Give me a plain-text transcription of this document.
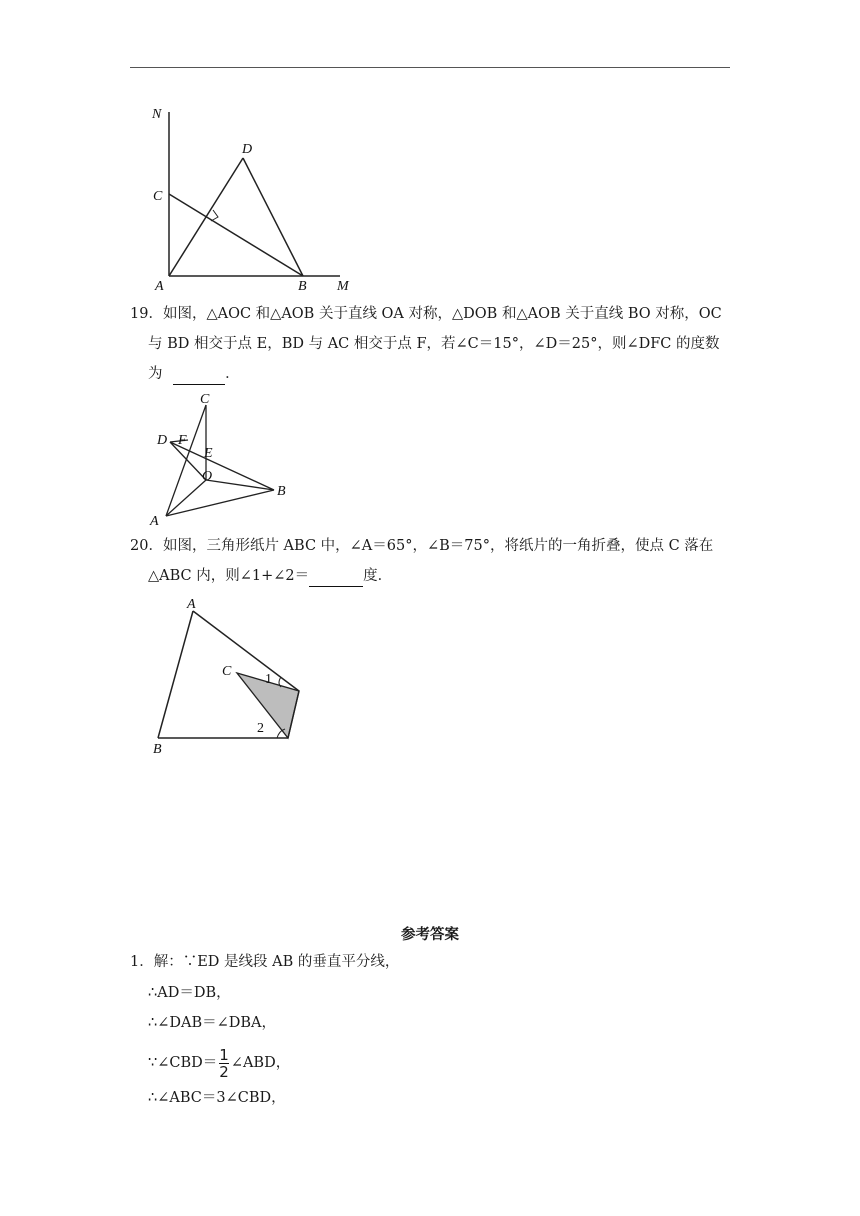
N
D
C
A	B M
19．如图，△AOC 和△AOB 关于直线 OA 对称，△DOB 和△AOB 关于直线 BO 对称，OC
与 BD 相交于点 E，BD 与 AC 相交于点 F，若∠C＝15°，∠D＝25°，则∠DFC 的度数
为	．
C
D F
E
O
B
A
20．如图，三角形纸片 ABC 中，∠A＝65°，∠B＝75°，将纸片的一角折叠，使点 C 落在
△ABC 内，则∠1+∠2＝	度．
A
C
1
2
B
参考答案
1．解：∵ED 是线段 AB 的垂直平分线，
∴AD＝DB，
∴∠DAB＝∠DBA，
∵∠CBD＝ $\frac{1}{2}$ ∠ABD，
∴∠ABC＝3∠CBD，
